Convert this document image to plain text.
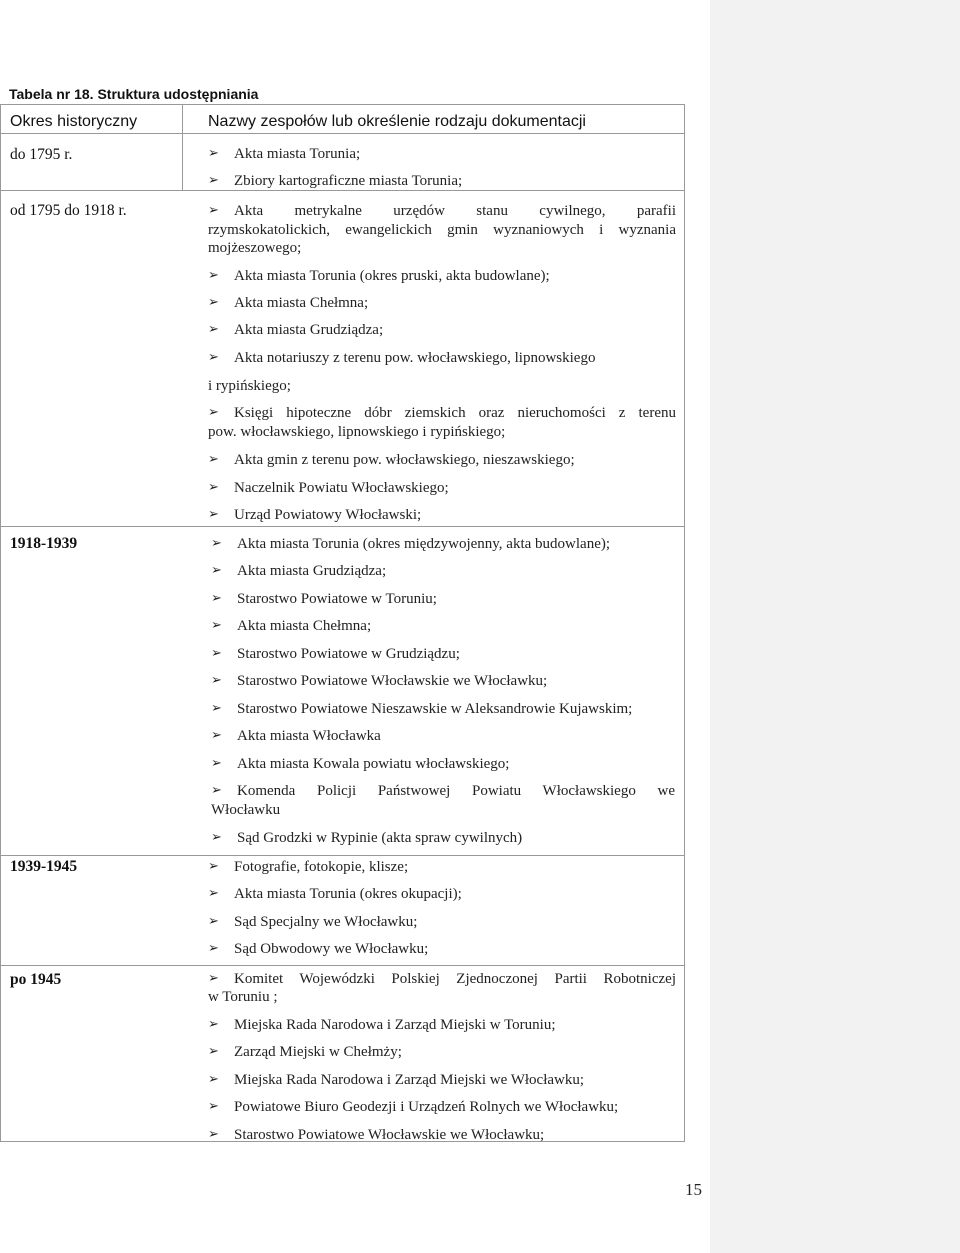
Tabela nr 18. Struktura udostępniania
Okres historyczny	Nazwy zespołów lub określenie rodzaju dokumentacji
do 1795 r.	➢	Akta miasta Torunia;
➢	Zbiory kartograficzne miasta Torunia;
od 1795 do 1918 r.	➢	Akta metrykalne urzędów stanu cywilnego, parafii
rzymskokatolickich, ewangelickich gmin wyznaniowych i wyznania
mojżeszowego;
➢	Akta miasta Torunia (okres pruski, akta budowlane);
➢	Akta miasta Chełmna;
➢	Akta miasta Grudziądza;
➢	Akta notariuszy z terenu pow. włocławskiego, lipnowskiego
i rypińskiego;
➢	Księgi hipoteczne dóbr ziemskich oraz nieruchomości z terenu
pow. włocławskiego, lipnowskiego i rypińskiego;
➢	Akta gmin z terenu pow. włocławskiego, nieszawskiego;
➢	Naczelnik Powiatu Włocławskiego;
➢	Urząd Powiatowy Włocławski;
1918-1939	➢	Akta miasta Torunia (okres międzywojenny, akta budowlane);
➢	Akta miasta Grudziądza;
➢	Starostwo Powiatowe w Toruniu;
➢	Akta miasta Chełmna;
➢	Starostwo Powiatowe w Grudziądzu;
➢	Starostwo Powiatowe Włocławskie we Włocławku;
➢	Starostwo Powiatowe Nieszawskie w Aleksandrowie Kujawskim;
➢	Akta miasta Włocławka
➢	Akta miasta Kowala powiatu włocławskiego;
➢	Komenda Policji Państwowej Powiatu Włocławskiego we
Włocławku
➢	Sąd Grodzki w Rypinie (akta spraw cywilnych)
1939-1945	➢	Fotografie, fotokopie, klisze;
➢	Akta miasta Torunia (okres okupacji);
➢	Sąd Specjalny we Włocławku;
➢	Sąd Obwodowy we Włocławku;
po 1945	➢	Komitet Wojewódzki Polskiej Zjednoczonej Partii Robotniczej
w Toruniu ;
➢	Miejska Rada Narodowa i Zarząd Miejski w Toruniu;
➢	Zarząd Miejski w Chełmży;
➢	Miejska Rada Narodowa i Zarząd Miejski we Włocławku;
➢	Powiatowe Biuro Geodezji i Urządzeń Rolnych we Włocławku;
➢	Starostwo Powiatowe Włocławskie we Włocławku;
15
